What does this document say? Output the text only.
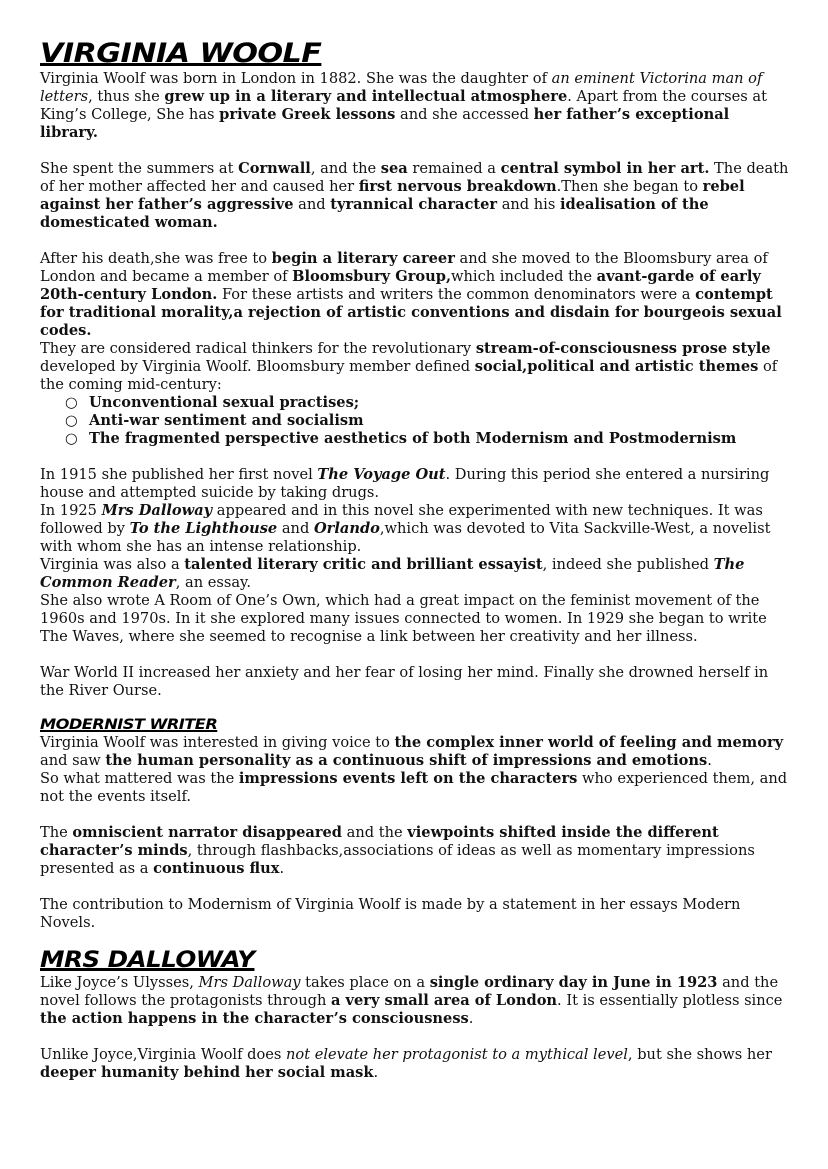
VIRGINIA WOOLF

Virginia Woolf was born in London in 1882. She was the daughter of an eminent Victorina man of letters, thus she grew up in a literary and intellectual atmosphere. Apart from the courses at King’s College, She has private Greek lessons and she accessed her father’s exceptional library.

She spent the summers at Cornwall, and the sea remained a central symbol in her art. The death of her mother affected her and caused her first nervous breakdown.Then she began to rebel against her father’s aggressive and tyrannical character and his idealisation of the domesticated woman.

After his death,she was free to begin a literary career and she moved to the Bloomsbury area of London and became a member of Bloomsbury Group,which included the avant-garde of early 20th-century London. For these artists and writers the common denominators were a contempt for traditional morality,a rejection of artistic conventions and disdain for bourgeois sexual codes.

They are considered radical thinkers for the revolutionary stream-of-consciousness prose style developed by Virginia Woolf. Bloomsbury member defined social,political and artistic themes of the coming mid-century:

○ Unconventional sexual practises;
○ Anti-war sentiment and socialism
○ The fragmented perspective aesthetics of both Modernism and Postmodernism

In 1915 she published her first novel The Voyage Out. During this period she entered a nursiring house and attempted suicide by taking drugs.

In 1925 Mrs Dalloway appeared and in this novel she experimented with new techniques. It was followed by To the Lighthouse and Orlando,which was devoted to Vita Sackville-West, a novelist with whom she has an intense relationship.

Virginia was also a talented literary critic and brilliant essayist, indeed she published The Common Reader, an essay.

She also wrote A Room of One’s Own, which had a great impact on the feminist movement of the 1960s and 1970s. In it she explored many issues connected to women. In 1929 she began to write The Waves, where she seemed to recognise a link between her creativity and her illness.

War World II increased her anxiety and her fear of losing her mind. Finally she drowned herself in the River Ourse.

MODERNIST WRITER

Virginia Woolf was interested in giving voice to the complex inner world of feeling and memory and saw the human personality as a continuous shift of impressions and emotions.

So what mattered was the impressions events left on the characters who experienced them, and not the events itself.

The omniscient narrator disappeared and the viewpoints shifted inside the different character’s minds, through flashbacks,associations of ideas as well as momentary impressions presented as a continuous flux.

The contribution to Modernism of Virginia Woolf is made by a statement in her essays Modern Novels.

MRS DALLOWAY

Like Joyce’s Ulysses, Mrs Dalloway takes place on a single ordinary day in June in 1923 and the novel follows the protagonists through a very small area of London. It is essentially plotless since the action happens in the character’s consciousness.

Unlike Joyce,Virginia Woolf does not elevate her protagonist to a mythical level, but she shows her deeper humanity behind her social mask.
